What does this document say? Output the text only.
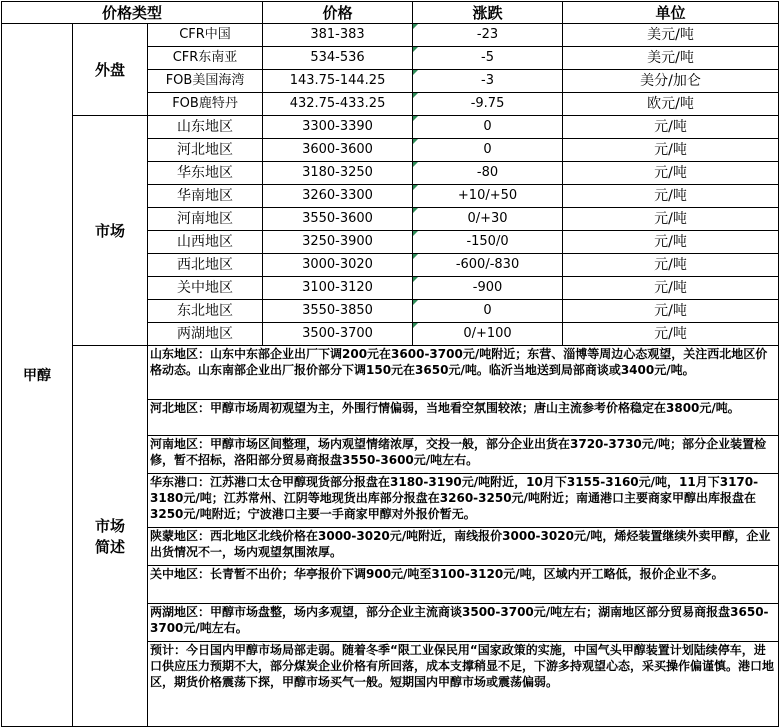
价格类型			价格	涨跌	单位
甲醇	外盘	CFR中国	381-383	-23	美元/吨
		CFR东南亚	534-536	-5	美元/吨
		FOB美国海湾	143.75-144.25	-3	美分/加仑
		FOB鹿特丹	432.75-433.25	-9.75	欧元/吨
	市场	山东地区	3300-3390	0	元/吨
		河北地区	3600-3600	0	元/吨
		华东地区	3180-3250	-80	元/吨
		华南地区	3260-3300	+10/+50	元/吨
		河南地区	3550-3600	0/+30	元/吨
		山西地区	3250-3900	-150/0	元/吨
		西北地区	3000-3020	-600/-830	元/吨
		关中地区	3100-3120	-900	元/吨
		东北地区	3550-3850	0	元/吨
		两湖地区	3500-3700	0/+100	元/吨
	市场
简述	山东地区：山东中东部企业出厂下调200元在3600-3700元/吨附近；东营、淄博等周边心态观望，关注西北地区价格动态。山东南部企业出厂报价部分下调150元在3650元/吨。临沂当地送到局部商谈或3400元/吨。			
		河北地区：甲醇市场周初观望为主，外围行情偏弱，当地看空氛围较浓；唐山主流参考价格稳定在3800元/吨。			
		河南地区：甲醇市场区间整理，场内观望情绪浓厚，交投一般，部分企业出货在3720-3730元/吨；部分企业装置检修，暂不招标，洛阳部分贸易商报盘3550-3600元/吨左右。			
		华东港口：江苏港口太仓甲醇现货部分报盘在3180-3190元/吨附近，10月下3155-3160元/吨，11月下3170-3180元/吨；江苏常州、江阴等地现货出库部分报盘在3260-3250元/吨附近；南通港口主要商家甲醇出库报盘在3250元/吨附近；宁波港口主要一手商家甲醇对外报价暂无。			
		陕蒙地区：西北地区北线价格在3000-3020元/吨附近，南线报价3000-3020元/吨，烯烃装置继续外卖甲醇，企业出货情况不一，场内观望氛围浓厚。			
		关中地区：长青暂不出价；华亭报价下调900元/吨至3100-3120元/吨，区域内开工略低，报价企业不多。			
		两湖地区：甲醇市场盘整，场内多观望，部分企业主流商谈3500-3700元/吨左右；湖南地区部分贸易商报盘3650-3700元/吨左右。			
		预计：今日国内甲醇市场局部走弱。随着冬季“限工业保民用“国家政策的实施，中国气头甲醇装置计划陆续停车，进口供应压力预期不大，部分煤炭企业价格有所回落，成本支撑稍显不足，下游多持观望心态，采买操作偏谨慎。港口地区，期货价格震荡下探，甲醇市场买气一般。短期国内甲醇市场或震荡偏弱。			
